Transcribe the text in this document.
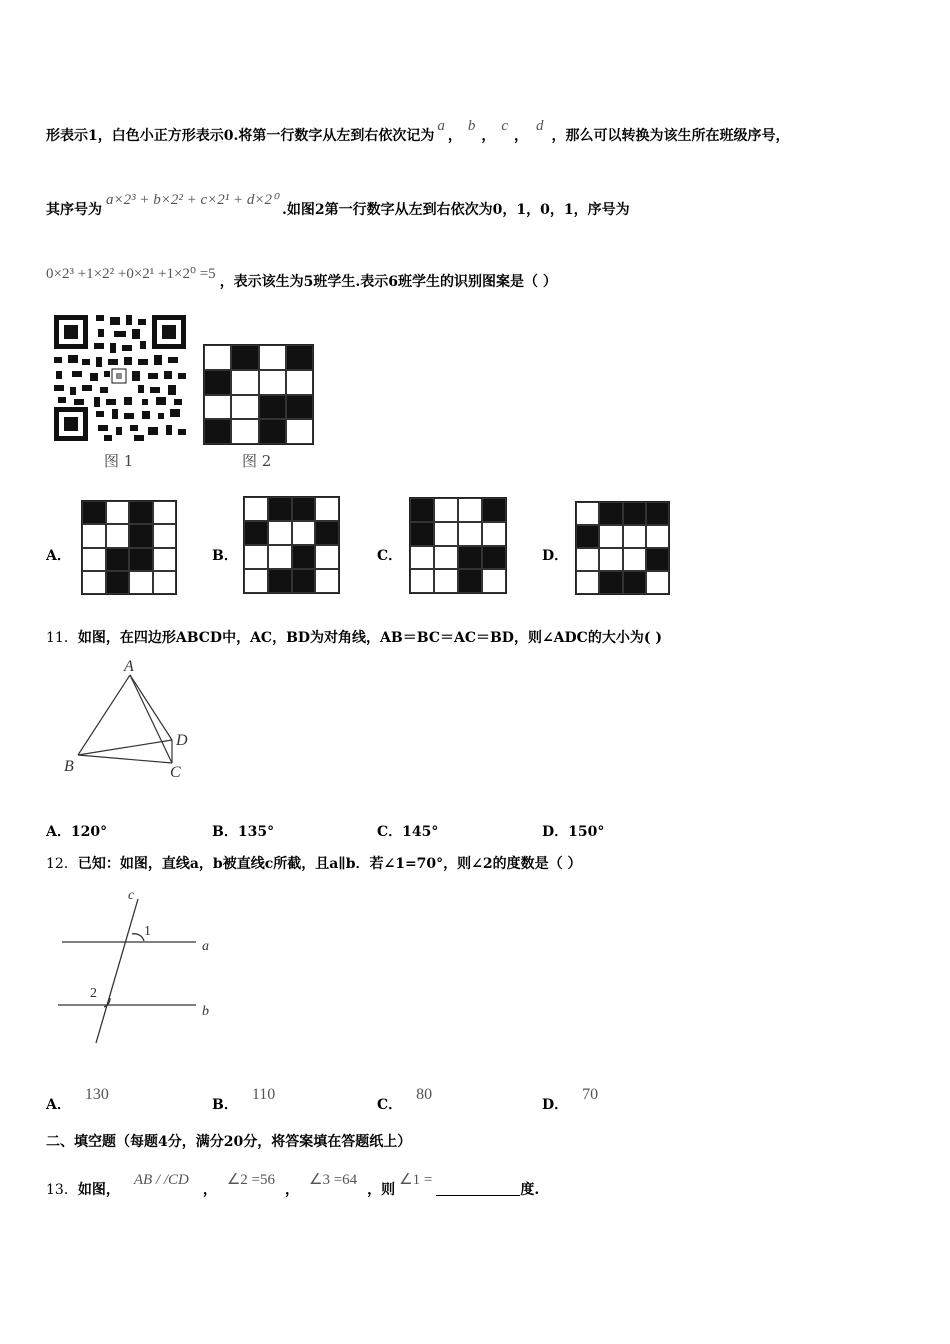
形表示1，白色小正方形表示0.将第一行数字从左到右依次记为a，b，c，d，那么可以转换为该生所在班级序号，
其序号为a×2³ + b×2² + c×2¹ + d×2⁰.如图2第一行数字从左到右依次为0，1，0，1，序号为
0×2³ +1×2² +0×2¹ +1×2⁰ =5 ，表示该生为5班学生.表示6班学生的识别图案是（ ）
图 1	图 2
A．	B．	C．	D．
11．如图，在四边形ABCD中，AC，BD为对角线，AB＝BC＝AC＝BD，则∠ADC的大小为( )
A
B	C
D
A．120°	B．135°	C．145°	D．150°
12．已知：如图，直线a，b被直线c所截，且a∥b．若∠1=70°，则∠2的度数是（ ）
c
a
b
1
2
A．130
B．110
C．80
D．70
二、填空题（每题4分，满分20分，将答案填在答题纸上）
13．如图，AB / /CD，∠2 =56，∠3 =64，则∠1 =度.
